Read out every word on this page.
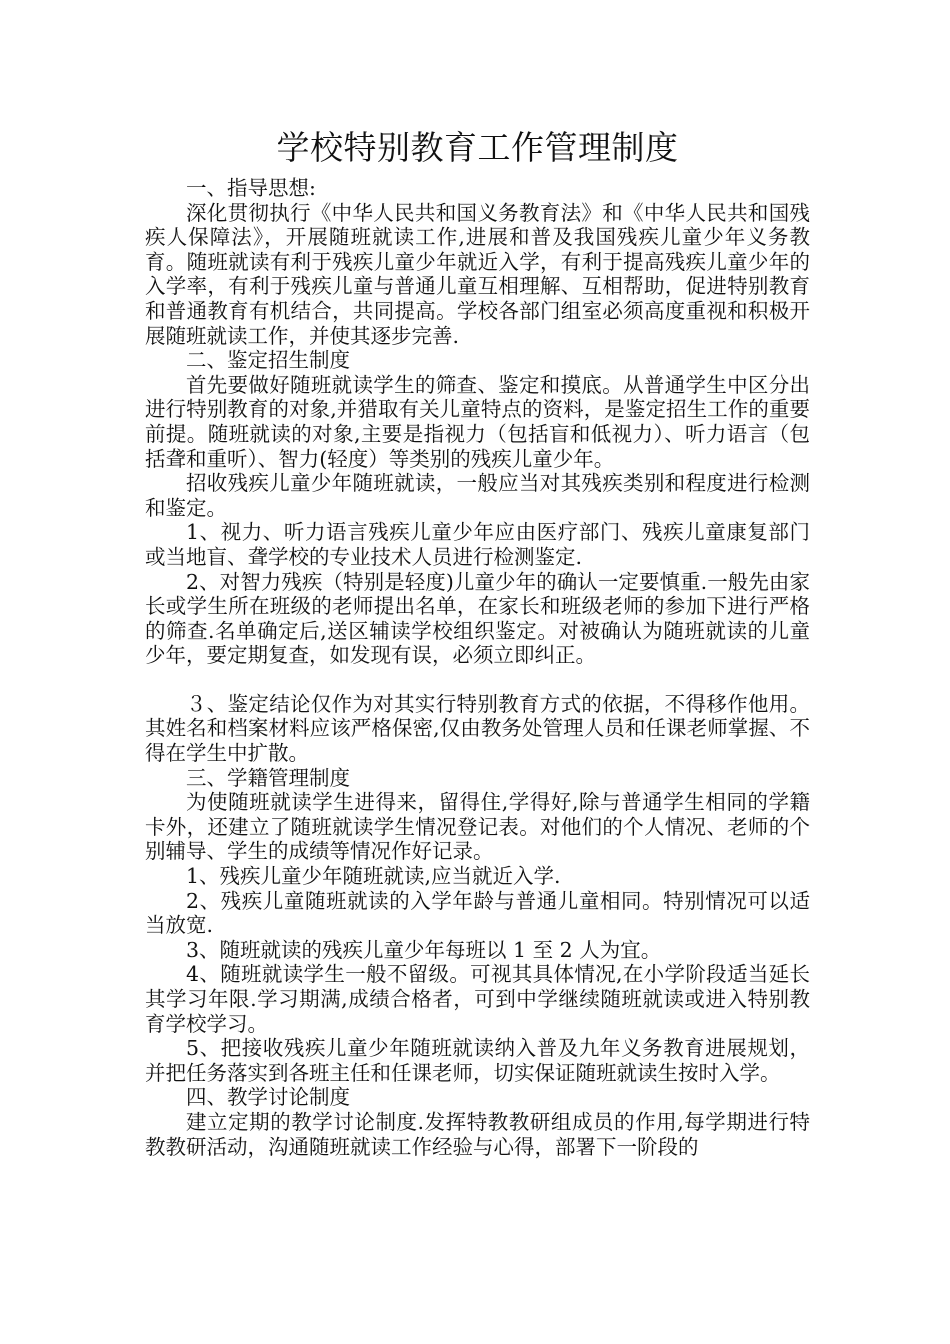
学校特别教育工作管理制度

一、指导思想:

深化贯彻执行《中华人民共和国义务教育法》和《中华人民共和国残疾人保障法》，开展随班就读工作,进展和普及我国残疾儿童少年义务教育。随班就读有利于残疾儿童少年就近入学，有利于提高残疾儿童少年的入学率，有利于残疾儿童与普通儿童互相理解、互相帮助，促进特别教育和普通教育有机结合，共同提高。学校各部门组室必须高度重视和积极开展随班就读工作，并使其逐步完善.

二、鉴定招生制度

首先要做好随班就读学生的筛查、鉴定和摸底。从普通学生中区分出进行特别教育的对象,并猎取有关儿童特点的资料，是鉴定招生工作的重要前提。随班就读的对象,主要是指视力（包括盲和低视力）、听力语言（包括聋和重听）、智力(轻度）等类别的残疾儿童少年。

招收残疾儿童少年随班就读，一般应当对其残疾类别和程度进行检测和鉴定。

1、视力、听力语言残疾儿童少年应由医疗部门、残疾儿童康复部门或当地盲、聋学校的专业技术人员进行检测鉴定.

2、对智力残疾（特别是轻度)儿童少年的确认一定要慎重.一般先由家长或学生所在班级的老师提出名单，在家长和班级老师的参加下进行严格的筛查.名单确定后,送区辅读学校组织鉴定。对被确认为随班就读的儿童少年，要定期复查，如发现有误，必须立即纠正。

３、鉴定结论仅作为对其实行特别教育方式的依据，不得移作他用。其姓名和档案材料应该严格保密,仅由教务处管理人员和任课老师掌握、不得在学生中扩散。

三、学籍管理制度

为使随班就读学生进得来，留得住,学得好,除与普通学生相同的学籍卡外，还建立了随班就读学生情况登记表。对他们的个人情况、老师的个别辅导、学生的成绩等情况作好记录。

1、残疾儿童少年随班就读,应当就近入学.

2、残疾儿童随班就读的入学年龄与普通儿童相同。特别情况可以适当放宽.

3、随班就读的残疾儿童少年每班以 1 至 2 人为宜。

4、随班就读学生一般不留级。可视其具体情况,在小学阶段适当延长其学习年限.学习期满,成绩合格者，可到中学继续随班就读或进入特别教育学校学习。

5、把接收残疾儿童少年随班就读纳入普及九年义务教育进展规划，并把任务落实到各班主任和任课老师，切实保证随班就读生按时入学。

四、教学讨论制度

建立定期的教学讨论制度.发挥特教教研组成员的作用,每学期进行特教教研活动，沟通随班就读工作经验与心得，部署下一阶段的
